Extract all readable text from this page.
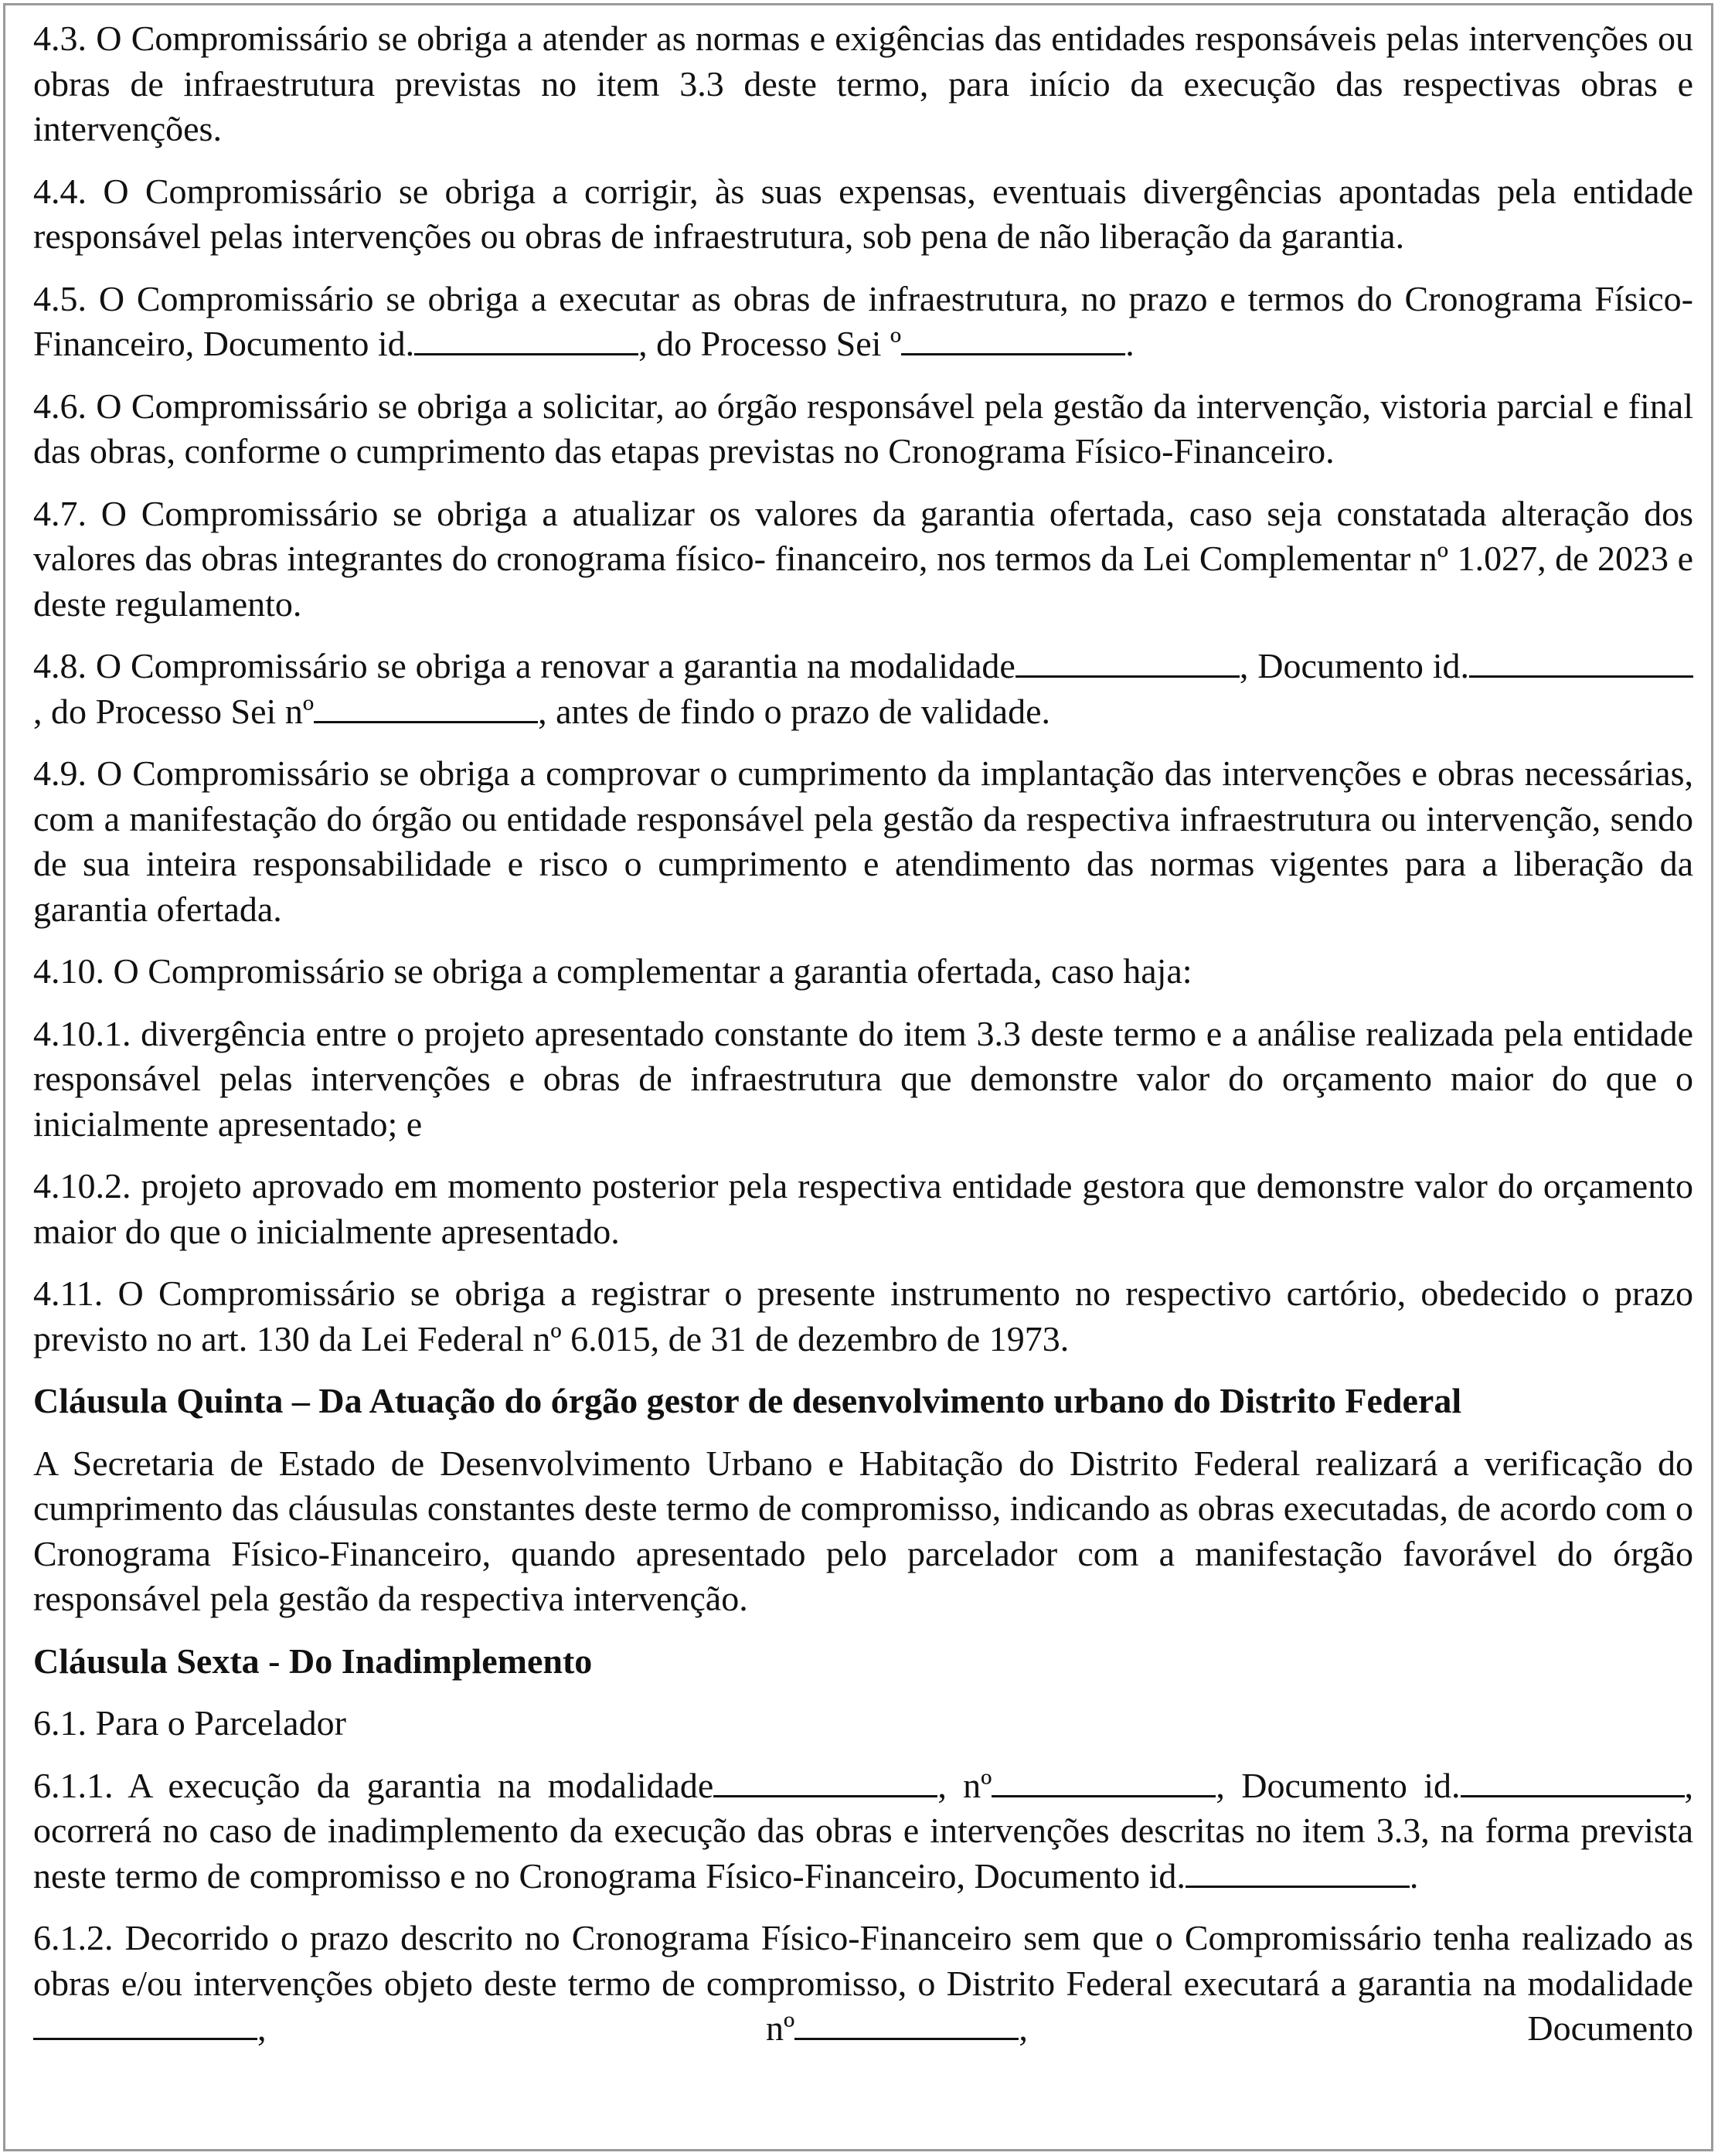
4.3. O Compromissário se obriga a atender as normas e exigências das entidades responsáveis pelas intervenções ou obras de infraestrutura previstas no item 3.3 deste termo, para início da execução das respectivas obras e intervenções.

4.4. O Compromissário se obriga a corrigir, às suas expensas, eventuais divergências apontadas pela entidade responsável pelas intervenções ou obras de infraestrutura, sob pena de não liberação da garantia.

4.5. O Compromissário se obriga a executar as obras de infraestrutura, no prazo e termos do Cronograma Físico-Financeiro, Documento id.	, do Processo Sei º	.

4.6. O Compromissário se obriga a solicitar, ao órgão responsável pela gestão da intervenção, vistoria parcial e final das obras, conforme o cumprimento das etapas previstas no Cronograma Físico-Financeiro.

4.7. O Compromissário se obriga a atualizar os valores da garantia ofertada, caso seja constatada alteração dos valores das obras integrantes do cronograma físico- financeiro, nos termos da Lei Complementar nº 1.027, de 2023 e deste regulamento.

4.8. O Compromissário se obriga a renovar a garantia na modalidade	, Documento id., do Processo Sei nº	, antes de findo o prazo de validade.

4.9. O Compromissário se obriga a comprovar o cumprimento da implantação das intervenções e obras necessárias, com a manifestação do órgão ou entidade responsável pela gestão da respectiva infraestrutura ou intervenção, sendo de sua inteira responsabilidade e risco o cumprimento e atendimento das normas vigentes para a liberação da garantia ofertada.

4.10. O Compromissário se obriga a complementar a garantia ofertada, caso haja:

4.10.1. divergência entre o projeto apresentado constante do item 3.3 deste termo e a análise realizada pela entidade responsável pelas intervenções e obras de infraestrutura que demonstre valor do orçamento maior do que o inicialmente apresentado; e

4.10.2. projeto aprovado em momento posterior pela respectiva entidade gestora que demonstre valor do orçamento maior do que o inicialmente apresentado.

4.11. O Compromissário se obriga a registrar o presente instrumento no respectivo cartório, obedecido o prazo previsto no art. 130 da Lei Federal nº 6.015, de 31 de dezembro de 1973.

Cláusula Quinta – Da Atuação do órgão gestor de desenvolvimento urbano do Distrito Federal

A Secretaria de Estado de Desenvolvimento Urbano e Habitação do Distrito Federal realizará a verificação do cumprimento das cláusulas constantes deste termo de compromisso, indicando as obras executadas, de acordo com o Cronograma Físico-Financeiro, quando apresentado pelo parcelador com a manifestação favorável do órgão responsável pela gestão da respectiva intervenção.

Cláusula Sexta - Do Inadimplemento

6.1. Para o Parcelador

6.1.1. A execução da garantia na modalidade	, nº	, Documento id.	, ocorrerá no caso de inadimplemento da execução das obras e intervenções descritas no item 3.3, na forma prevista neste termo de compromisso e no Cronograma Físico-Financeiro, Documento id.	.

6.1.2. Decorrido o prazo descrito no Cronograma Físico-Financeiro sem que o Compromissário tenha realizado as obras e/ou intervenções objeto deste termo de compromisso, o Distrito Federal executará a garantia na modalidade , nº	, Documento
